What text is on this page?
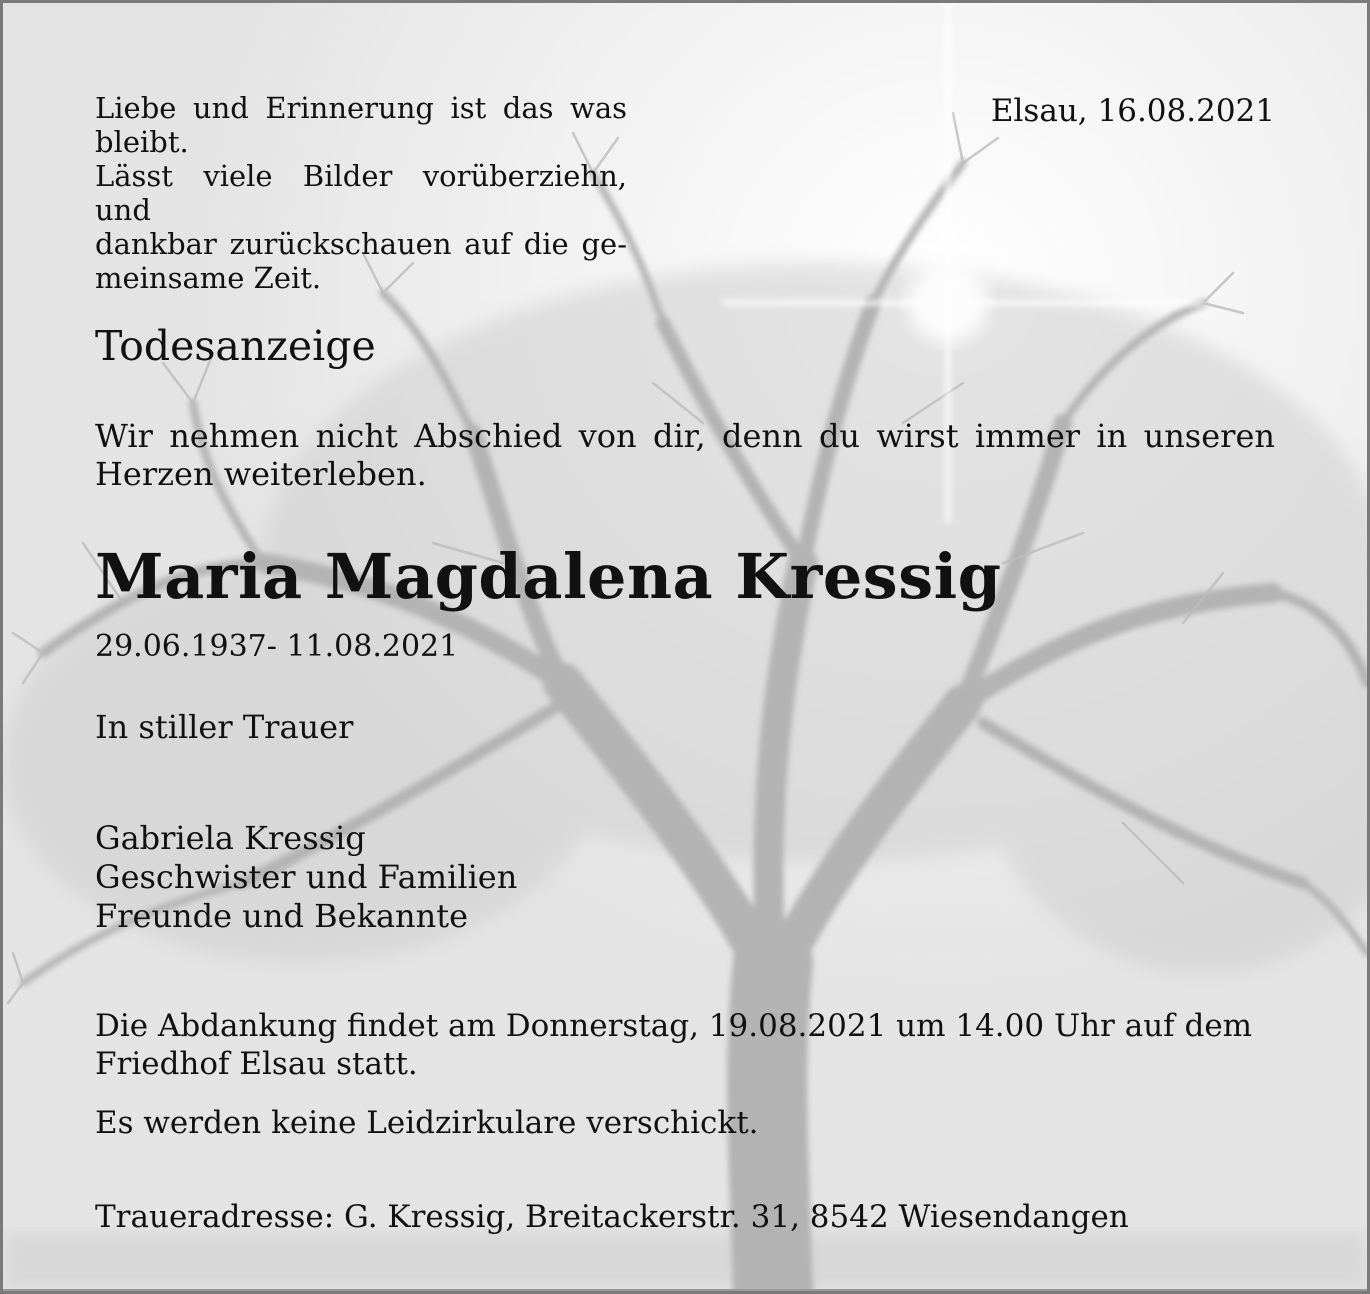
Liebe und Erinnerung ist das was
bleibt.
Lässt viele Bilder vorüberziehn, und
dankbar zurückschauen auf die ge-
meinsame Zeit.
Elsau, 16.08.2021
Todesanzeige
Wir nehmen nicht Abschied von dir, denn du wirst immer in unseren Herzen weiterleben.
Maria Magdalena Kressig
29.06.1937- 11.08.2021
In stiller Trauer
Gabriela Kressig
Geschwister und Familien
Freunde und Bekannte
Die Abdankung findet am Donnerstag, 19.08.2021 um 14.00 Uhr auf dem Friedhof Elsau statt.
Es werden keine Leidzirkulare verschickt.
Traueradresse: G. Kressig, Breitackerstr. 31, 8542 Wiesendangen
